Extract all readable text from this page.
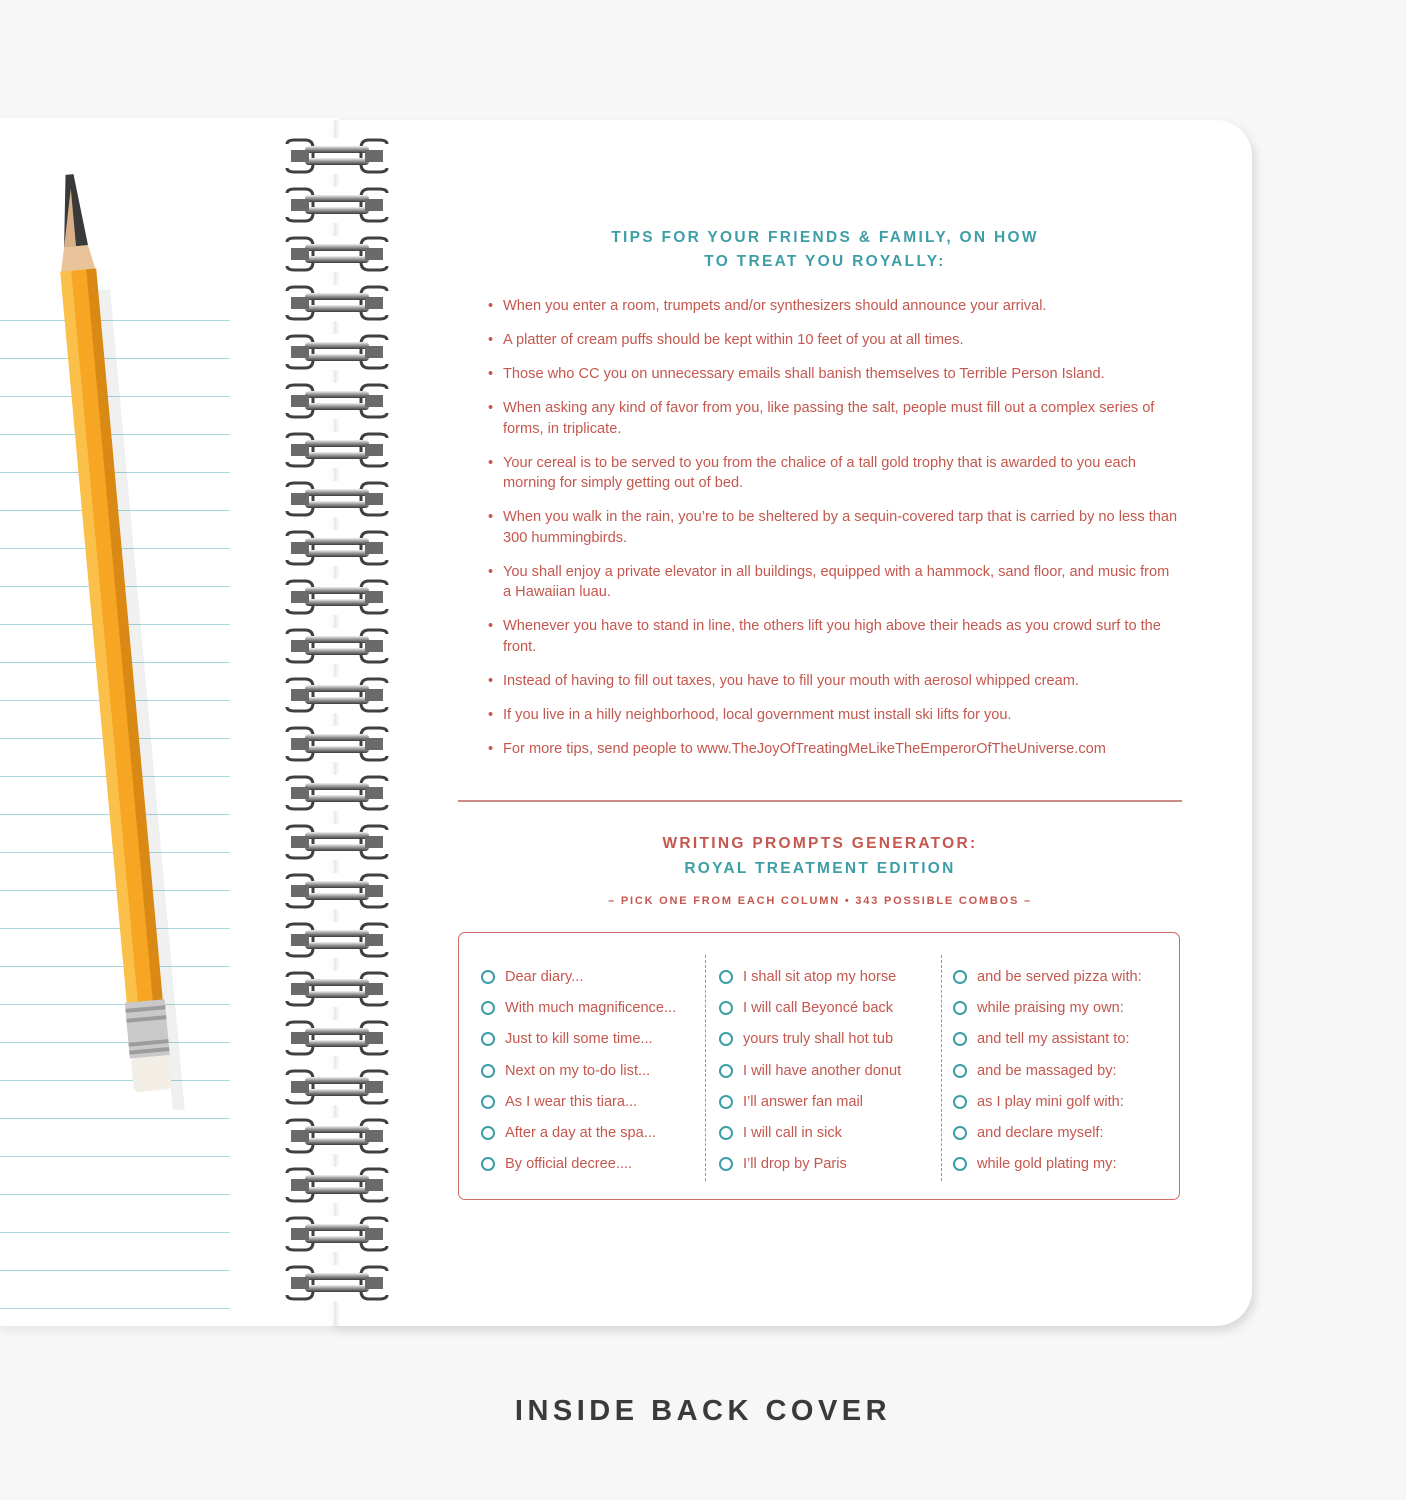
TIPS FOR YOUR FRIENDS & FAMILY, ON HOW
TO TREAT YOU ROYALLY:
• When you enter a room, trumpets and/or synthesizers should announce your arrival.
• A platter of cream puffs should be kept within 10 feet of you at all times.
• Those who CC you on unnecessary emails shall banish themselves to Terrible Person Island.
• When asking any kind of favor from you, like passing the salt, people must fill out a complex series of forms, in triplicate.
• Your cereal is to be served to you from the chalice of a tall gold trophy that is awarded to you each morning for simply getting out of bed.
• When you walk in the rain, you’re to be sheltered by a sequin-covered tarp that is carried by no less than 300 hummingbirds.
• You shall enjoy a private elevator in all buildings, equipped with a hammock, sand floor, and music from a Hawaiian luau.
• Whenever you have to stand in line, the others lift you high above their heads as you crowd surf to the front.
• Instead of having to fill out taxes, you have to fill your mouth with aerosol whipped cream.
• If you live in a hilly neighborhood, local government must install ski lifts for you.
• For more tips, send people to www.TheJoyOfTreatingMeLikeTheEmperorOfTheUniverse.com
WRITING PROMPTS GENERATOR:
ROYAL TREATMENT EDITION
– PICK ONE FROM EACH COLUMN • 343 POSSIBLE COMBOS –
Dear diary...
With much magnificence...
Just to kill some time...
Next on my to-do list...
As I wear this tiara...
After a day at the spa...
By official decree....
I shall sit atop my horse
I will call Beyoncé back
yours truly shall hot tub
I will have another donut
I’ll answer fan mail
I will call in sick
I’ll drop by Paris
and be served pizza with:
while praising my own:
and tell my assistant to:
and be massaged by:
as I play mini golf with:
and declare myself:
while gold plating my:
INSIDE BACK COVER
